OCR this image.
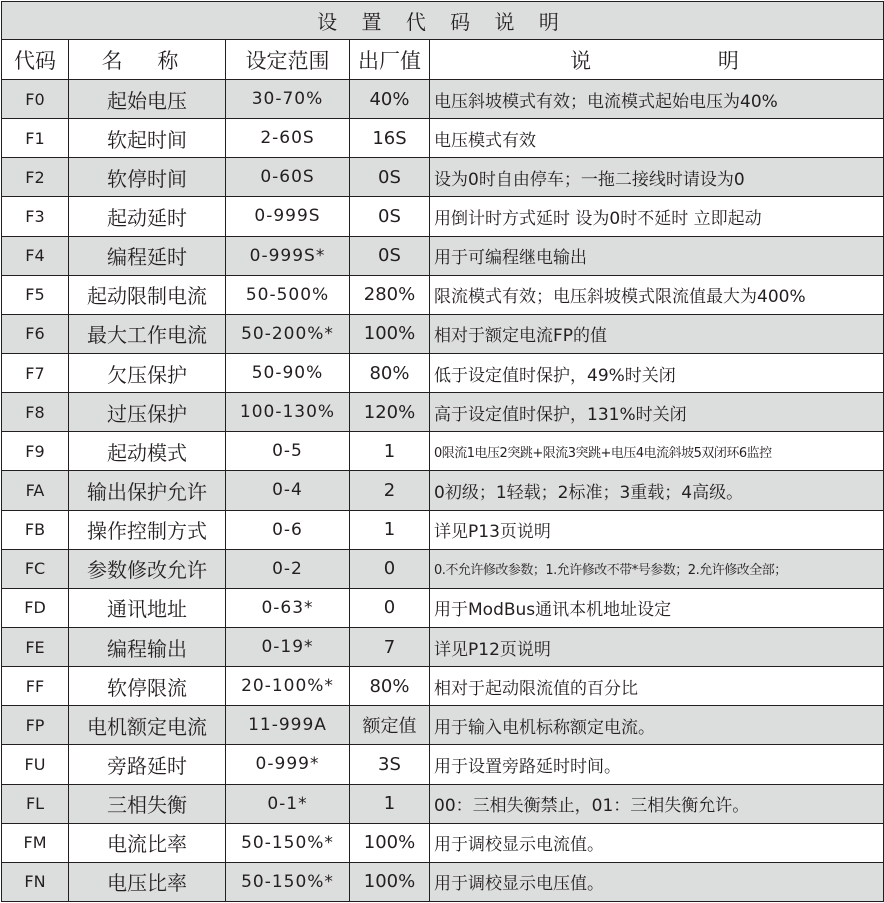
设 置 代 码 说 明				
代码	名 称	设定范围	出厂值	说 明
F0	起始电压	30-70%	40%	电压斜坡模式有效；电流模式起始电压为40%
F1	软起时间	2-60S	16S	电压模式有效
F2	软停时间	0-60S	0S	设为0时自由停车；一拖二接线时请设为0
F3	起动延时	0-999S	0S	用倒计时方式延时 设为0时不延时 立即起动
F4	编程延时	0-999S*	0S	用于可编程继电输出
F5	起动限制电流	50-500%	280%	限流模式有效；电压斜坡模式限流值最大为400%
F6	最大工作电流	50-200%*	100%	相对于额定电流FP的值
F7	欠压保护	50-90%	80%	低于设定值时保护，49%时关闭
F8	过压保护	100-130%	120%	高于设定值时保护，131%时关闭
F9	起动模式	0-5	1	0限流1电压2突跳+限流3突跳+电压4电流斜坡5双闭环6监控
FA	输出保护允许	0-4	2	0初级；1轻载；2标准；3重载；4高级。
FB	操作控制方式	0-6	1	详见P13页说明
FC	参数修改允许	0-2	0	0.不允许修改参数；1.允许修改不带*号参数；2.允许修改全部；
FD	通讯地址	0-63*	0	用于ModBus通讯本机地址设定
FE	编程输出	0-19*	7	详见P12页说明
FF	软停限流	20-100%*	80%	相对于起动限流值的百分比
FP	电机额定电流	11-999A	额定值	用于输入电机标称额定电流。
FU	旁路延时	0-999*	3S	用于设置旁路延时时间。
FL	三相失衡	0-1*	1	00：三相失衡禁止，01：三相失衡允许。
FM	电流比率	50-150%*	100%	用于调校显示电流值。
FN	电压比率	50-150%*	100%	用于调校显示电压值。
